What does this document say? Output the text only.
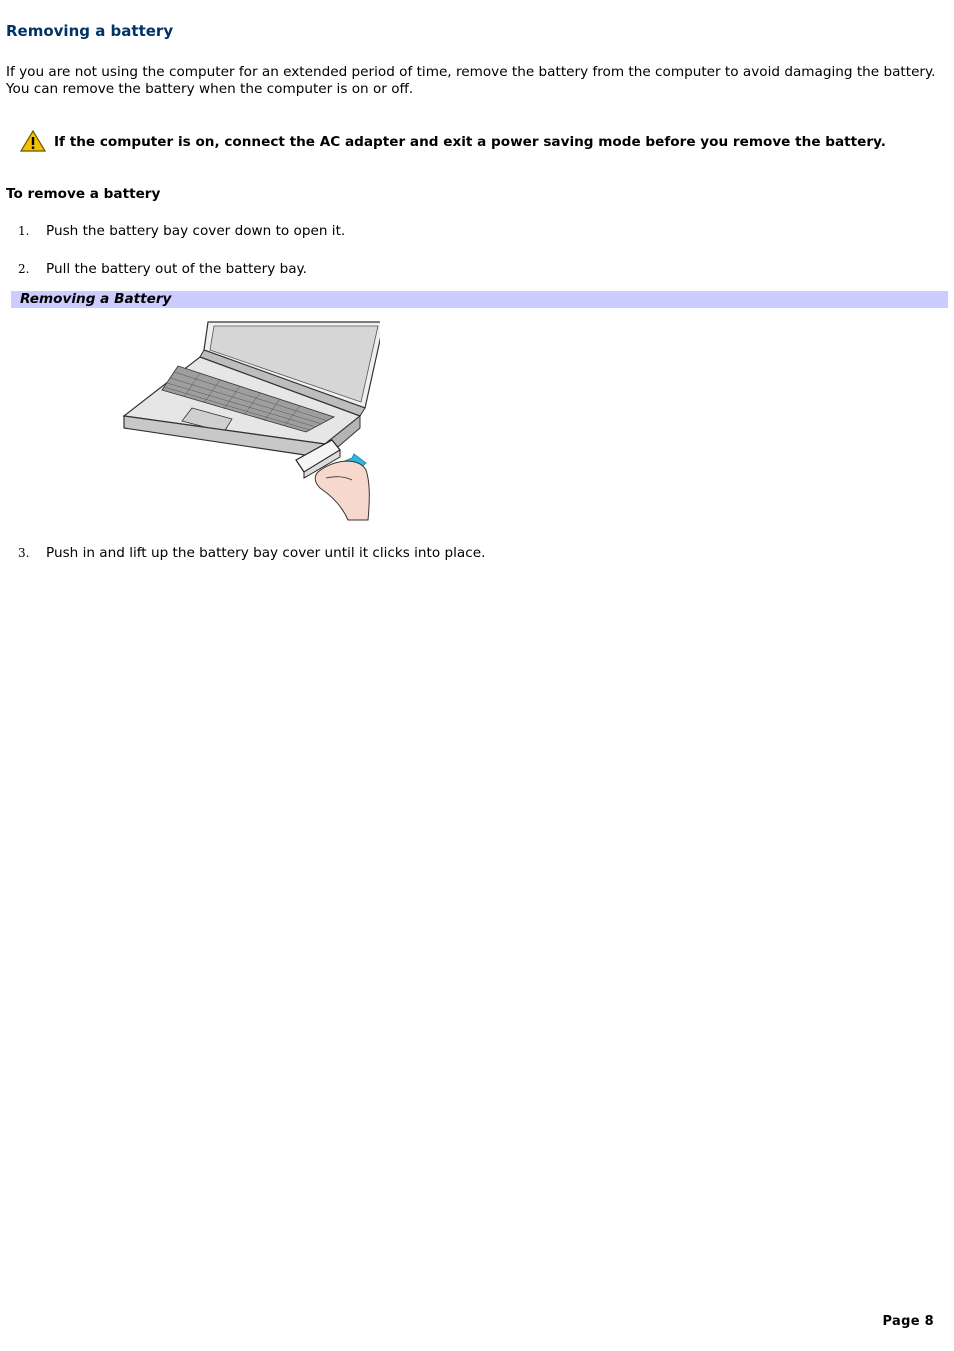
Removing a battery

If you are not using the computer for an extended period of time, remove the battery from the computer to avoid damaging the battery. You can remove the battery when the computer is on or off.

If the computer is on, connect the AC adapter and exit a power saving mode before you remove the battery.
To remove a battery
1.	Push the battery bay cover down to open it.
2.	Pull the battery out of the battery bay.
Removing a Battery
3.	Push in and lift up the battery bay cover until it clicks into place.
Page 8
